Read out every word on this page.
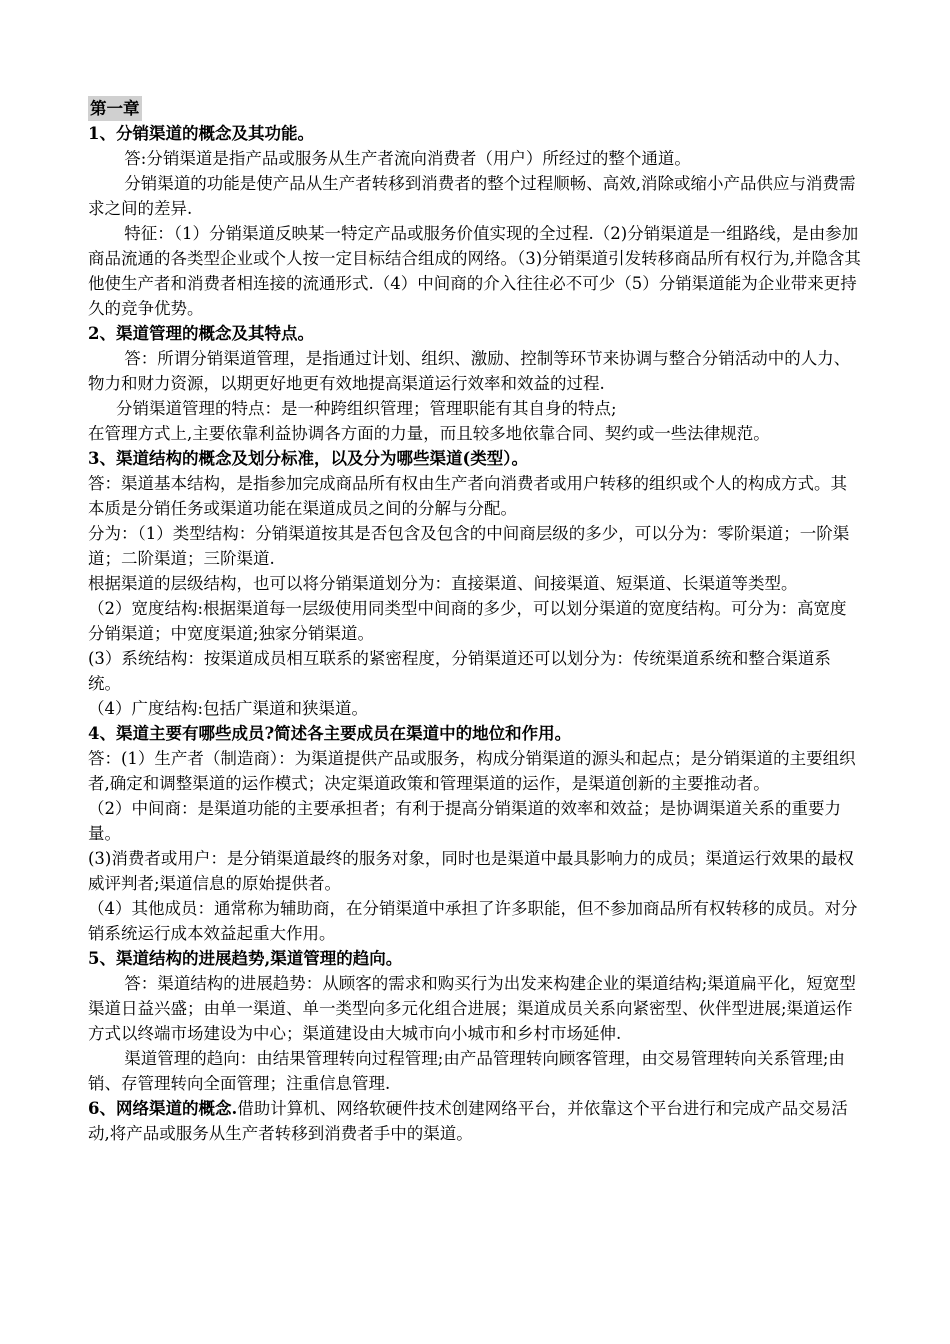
第一章

1、分销渠道的概念及其功能。

答:分销渠道是指产品或服务从生产者流向消费者（用户）所经过的整个通道。

分销渠道的功能是使产品从生产者转移到消费者的整个过程顺畅、高效,消除或缩小产品供应与消费需求之间的差异.

特征：（1）分销渠道反映某一特定产品或服务价值实现的全过程.（2)分销渠道是一组路线，是由参加商品流通的各类型企业或个人按一定目标结合组成的网络。（3)分销渠道引发转移商品所有权行为,并隐含其他使生产者和消费者相连接的流通形式.（4）中间商的介入往往必不可少（5）分销渠道能为企业带来更持久的竞争优势。

2、渠道管理的概念及其特点。

答：所谓分销渠道管理，是指通过计划、组织、激励、控制等环节来协调与整合分销活动中的人力、物力和财力资源，以期更好地更有效地提高渠道运行效率和效益的过程.

分销渠道管理的特点：是一种跨组织管理；管理职能有其自身的特点;

在管理方式上,主要依靠利益协调各方面的力量，而且较多地依靠合同、契约或一些法律规范。

3、渠道结构的概念及划分标准，以及分为哪些渠道(类型）。

答：渠道基本结构，是指参加完成商品所有权由生产者向消费者或用户转移的组织或个人的构成方式。其本质是分销任务或渠道功能在渠道成员之间的分解与分配。

分为：（1）类型结构：分销渠道按其是否包含及包含的中间商层级的多少，可以分为：零阶渠道；一阶渠道；二阶渠道；三阶渠道.

根据渠道的层级结构，也可以将分销渠道划分为：直接渠道、间接渠道、短渠道、长渠道等类型。

（2）宽度结构:根据渠道每一层级使用同类型中间商的多少，可以划分渠道的宽度结构。可分为：高宽度分销渠道；中宽度渠道;独家分销渠道。

(3）系统结构：按渠道成员相互联系的紧密程度，分销渠道还可以划分为：传统渠道系统和整合渠道系统。

（4）广度结构:包括广渠道和狭渠道。

4、渠道主要有哪些成员?简述各主要成员在渠道中的地位和作用。

答：(1）生产者（制造商）：为渠道提供产品或服务，构成分销渠道的源头和起点；是分销渠道的主要组织者,确定和调整渠道的运作模式；决定渠道政策和管理渠道的运作，是渠道创新的主要推动者。

（2）中间商：是渠道功能的主要承担者；有利于提高分销渠道的效率和效益；是协调渠道关系的重要力量。

(3)消费者或用户：是分销渠道最终的服务对象，同时也是渠道中最具影响力的成员；渠道运行效果的最权威评判者;渠道信息的原始提供者。

（4）其他成员：通常称为辅助商，在分销渠道中承担了许多职能，但不参加商品所有权转移的成员。对分销系统运行成本效益起重大作用。

5、渠道结构的进展趋势,渠道管理的趋向。

答：渠道结构的进展趋势：从顾客的需求和购买行为出发来构建企业的渠道结构;渠道扁平化，短宽型渠道日益兴盛；由单一渠道、单一类型向多元化组合进展；渠道成员关系向紧密型、伙伴型进展;渠道运作方式以终端市场建设为中心；渠道建设由大城市向小城市和乡村市场延伸.

渠道管理的趋向：由结果管理转向过程管理;由产品管理转向顾客管理，由交易管理转向关系管理;由销、存管理转向全面管理；注重信息管理.

6、网络渠道的概念.借助计算机、网络软硬件技术创建网络平台，并依靠这个平台进行和完成产品交易活动,将产品或服务从生产者转移到消费者手中的渠道。
